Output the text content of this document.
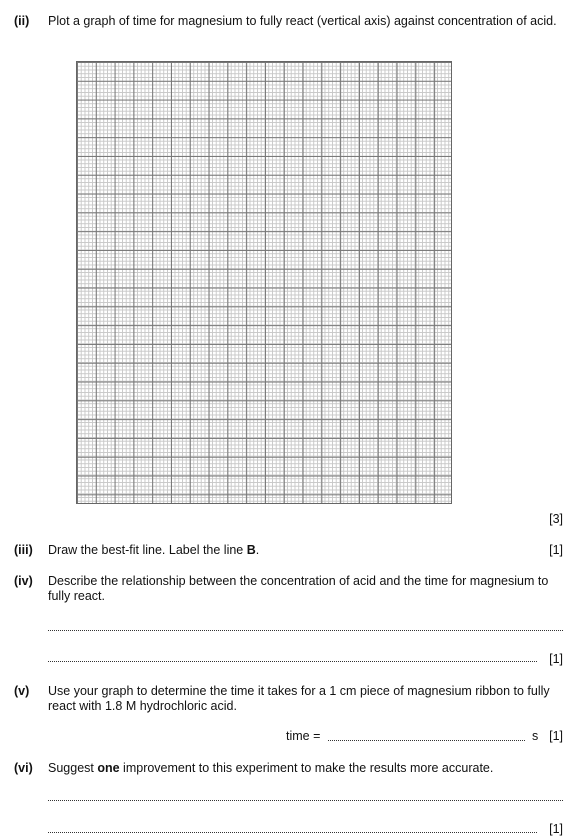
(ii)	Plot a graph of time for magnesium to fully react (vertical axis) against concentration of acid.
[3]
(iii)	Draw the best-fit line. Label the line B.	[1]
(iv)	Describe the relationship between the concentration of acid and the time for magnesium to fully react.
[1]
(v)	Use your graph to determine the time it takes for a 1 cm piece of magnesium ribbon to fully react with 1.8 M hydrochloric acid.
time =	s [1]
(vi)	Suggest one improvement to this experiment to make the results more accurate.
[1]
